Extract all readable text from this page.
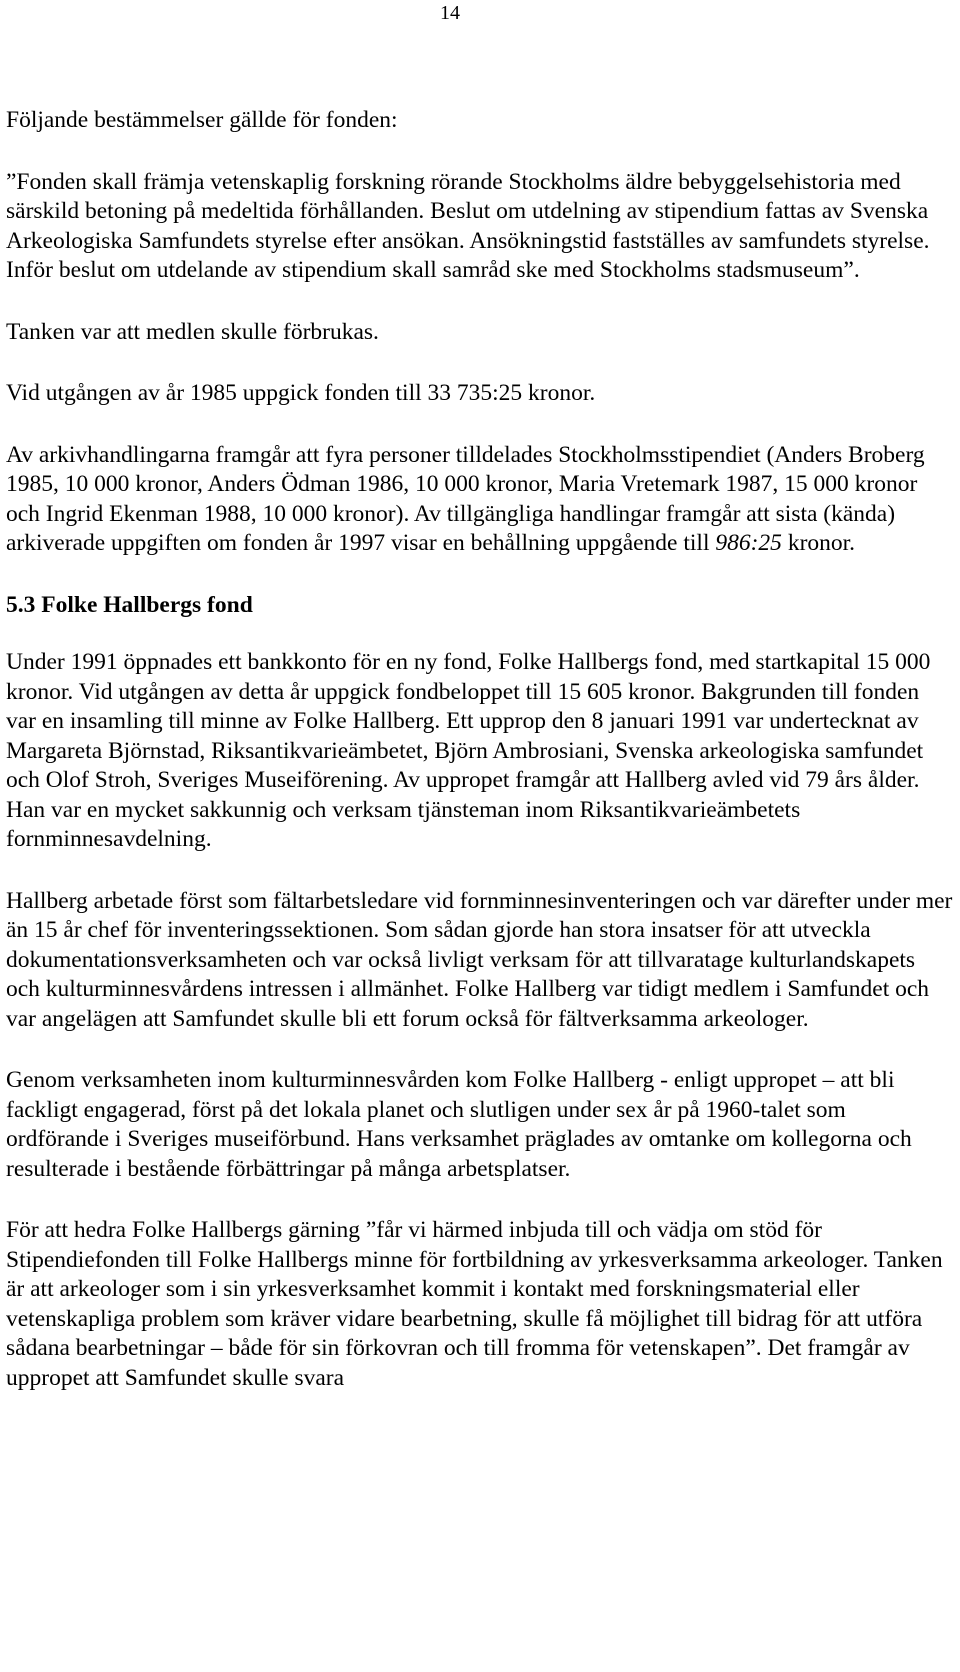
14

Följande bestämmelser gällde för fonden:

”Fonden skall främja vetenskaplig forskning rörande Stockholms äldre bebyggelsehistoria med särskild betoning på medeltida förhållanden. Beslut om utdelning av stipendium fattas av Svenska Arkeologiska Samfundets styrelse efter ansökan. Ansökningstid fastställes av samfundets styrelse. Inför beslut om utdelande av stipendium skall samråd ske med Stockholms stadsmuseum”.

Tanken var att medlen skulle förbrukas.

Vid utgången av år 1985 uppgick fonden till 33 735:25 kronor.

Av arkivhandlingarna framgår att fyra personer tilldelades Stockholmsstipendiet (Anders Broberg 1985, 10 000 kronor, Anders Ödman 1986, 10 000 kronor, Maria Vretemark 1987, 15 000 kronor och Ingrid Ekenman 1988, 10 000 kronor). Av tillgängliga handlingar framgår att sista (kända) arkiverade uppgiften om fonden år 1997 visar en behållning uppgående till 986:25 kronor.

5.3 Folke Hallbergs fond

Under 1991 öppnades ett bankkonto för en ny fond, Folke Hallbergs fond, med startkapital 15 000 kronor. Vid utgången av detta år uppgick fondbeloppet till 15 605 kronor. Bakgrunden till fonden var en insamling till minne av Folke Hallberg. Ett upprop den 8 januari 1991 var undertecknat av Margareta Björnstad, Riksantikvarieämbetet, Björn Ambrosiani, Svenska arkeologiska samfundet och Olof Stroh, Sveriges Museiförening. Av uppropet framgår att Hallberg avled vid 79 års ålder. Han var en mycket sakkunnig och verksam tjänsteman inom Riksantikvarieämbetets fornminnesavdelning.

Hallberg arbetade först som fältarbetsledare vid fornminnesinventeringen och var därefter under mer än 15 år chef för inventeringssektionen. Som sådan gjorde han stora insatser för att utveckla dokumentationsverksamheten och var också livligt verksam för att tillvaratage kulturlandskapets och kulturminnesvårdens intressen i allmänhet. Folke Hallberg var tidigt medlem i Samfundet och var angelägen att Samfundet skulle bli ett forum också för fältverksamma arkeologer.

Genom verksamheten inom kulturminnesvården kom Folke Hallberg - enligt uppropet – att bli fackligt engagerad, först på det lokala planet och slutligen under sex år på 1960-talet som ordförande i Sveriges museiförbund. Hans verksamhet präglades av omtanke om kollegorna och resulterade i bestående förbättringar på många arbetsplatser.

För att hedra Folke Hallbergs gärning ”får vi härmed inbjuda till och vädja om stöd för Stipendiefonden till Folke Hallbergs minne för fortbildning av yrkesverksamma arkeologer. Tanken är att arkeologer som i sin yrkesverksamhet kommit i kontakt med forskningsmaterial eller vetenskapliga problem som kräver vidare bearbetning, skulle få möjlighet till bidrag för att utföra sådana bearbetningar – både för sin förkovran och till fromma för vetenskapen”. Det framgår av uppropet att Samfundet skulle svara
